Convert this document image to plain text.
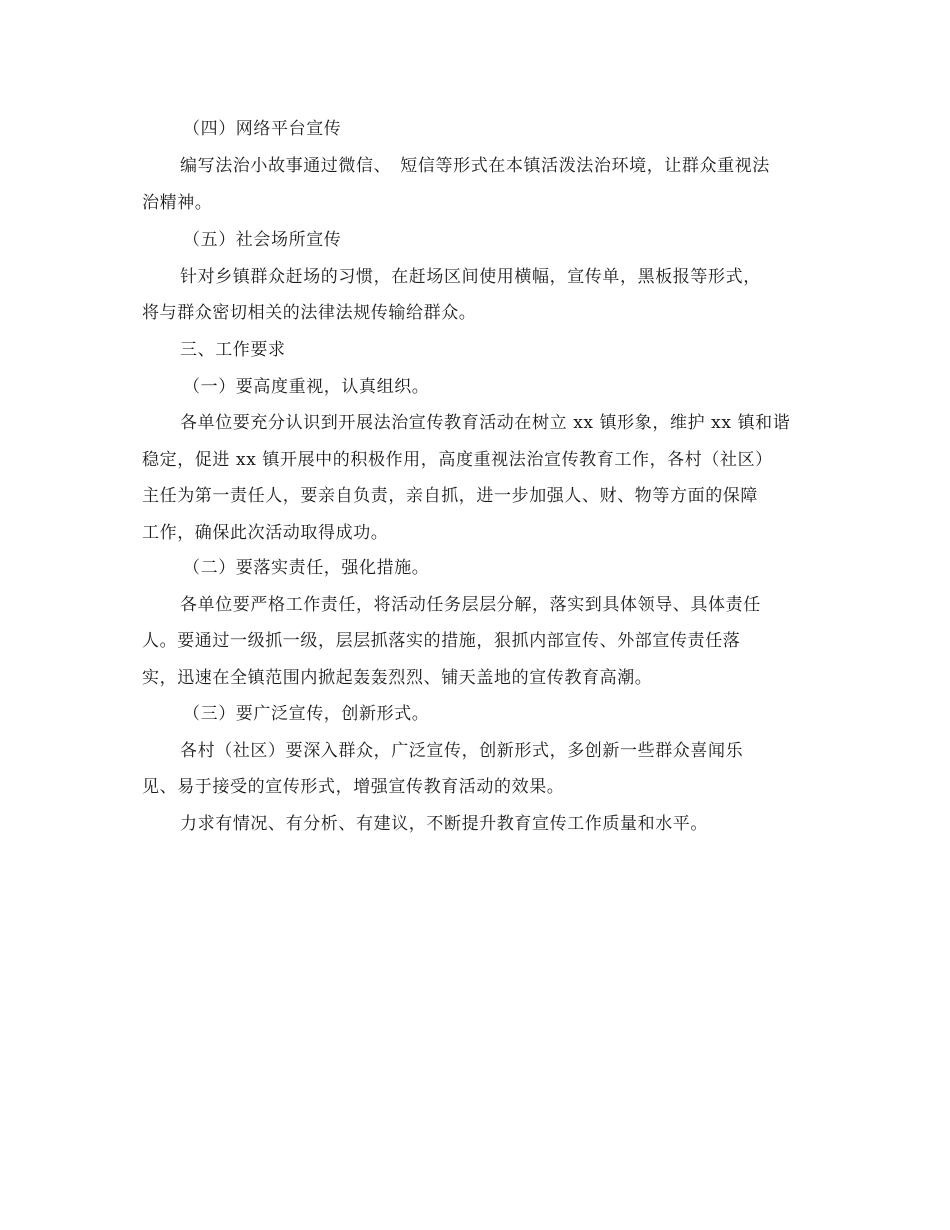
（四）网络平台宣传
编写法治小故事通过微信、　短信等形式在本镇活泼法治环境，让群众重视法
治精神。
（五）社会场所宣传
针对乡镇群众赶场的习惯，在赶场区间使用横幅，宣传单，黑板报等形式，
将与群众密切相关的法律法规传输给群众。
三、工作要求
（一）要高度重视，认真组织。
各单位要充分认识到开展法治宣传教育活动在树立 xx 镇形象，维护 xx 镇和谐
稳定，促进 xx 镇开展中的积极作用，高度重视法治宣传教育工作，各村（社区）
主任为第一责任人，要亲自负责，亲自抓，进一步加强人、财、物等方面的保障
工作，确保此次活动取得成功。
（二）要落实责任，强化措施。
各单位要严格工作责任，将活动任务层层分解，落实到具体领导、具体责任
人。要通过一级抓一级，层层抓落实的措施，狠抓内部宣传、外部宣传责任落
实，迅速在全镇范围内掀起轰轰烈烈、铺天盖地的宣传教育高潮。
（三）要广泛宣传，创新形式。
各村（社区）要深入群众，广泛宣传，创新形式，多创新一些群众喜闻乐
见、易于接受的宣传形式，增强宣传教育活动的效果。
力求有情况、有分析、有建议，不断提升教育宣传工作质量和水平。
